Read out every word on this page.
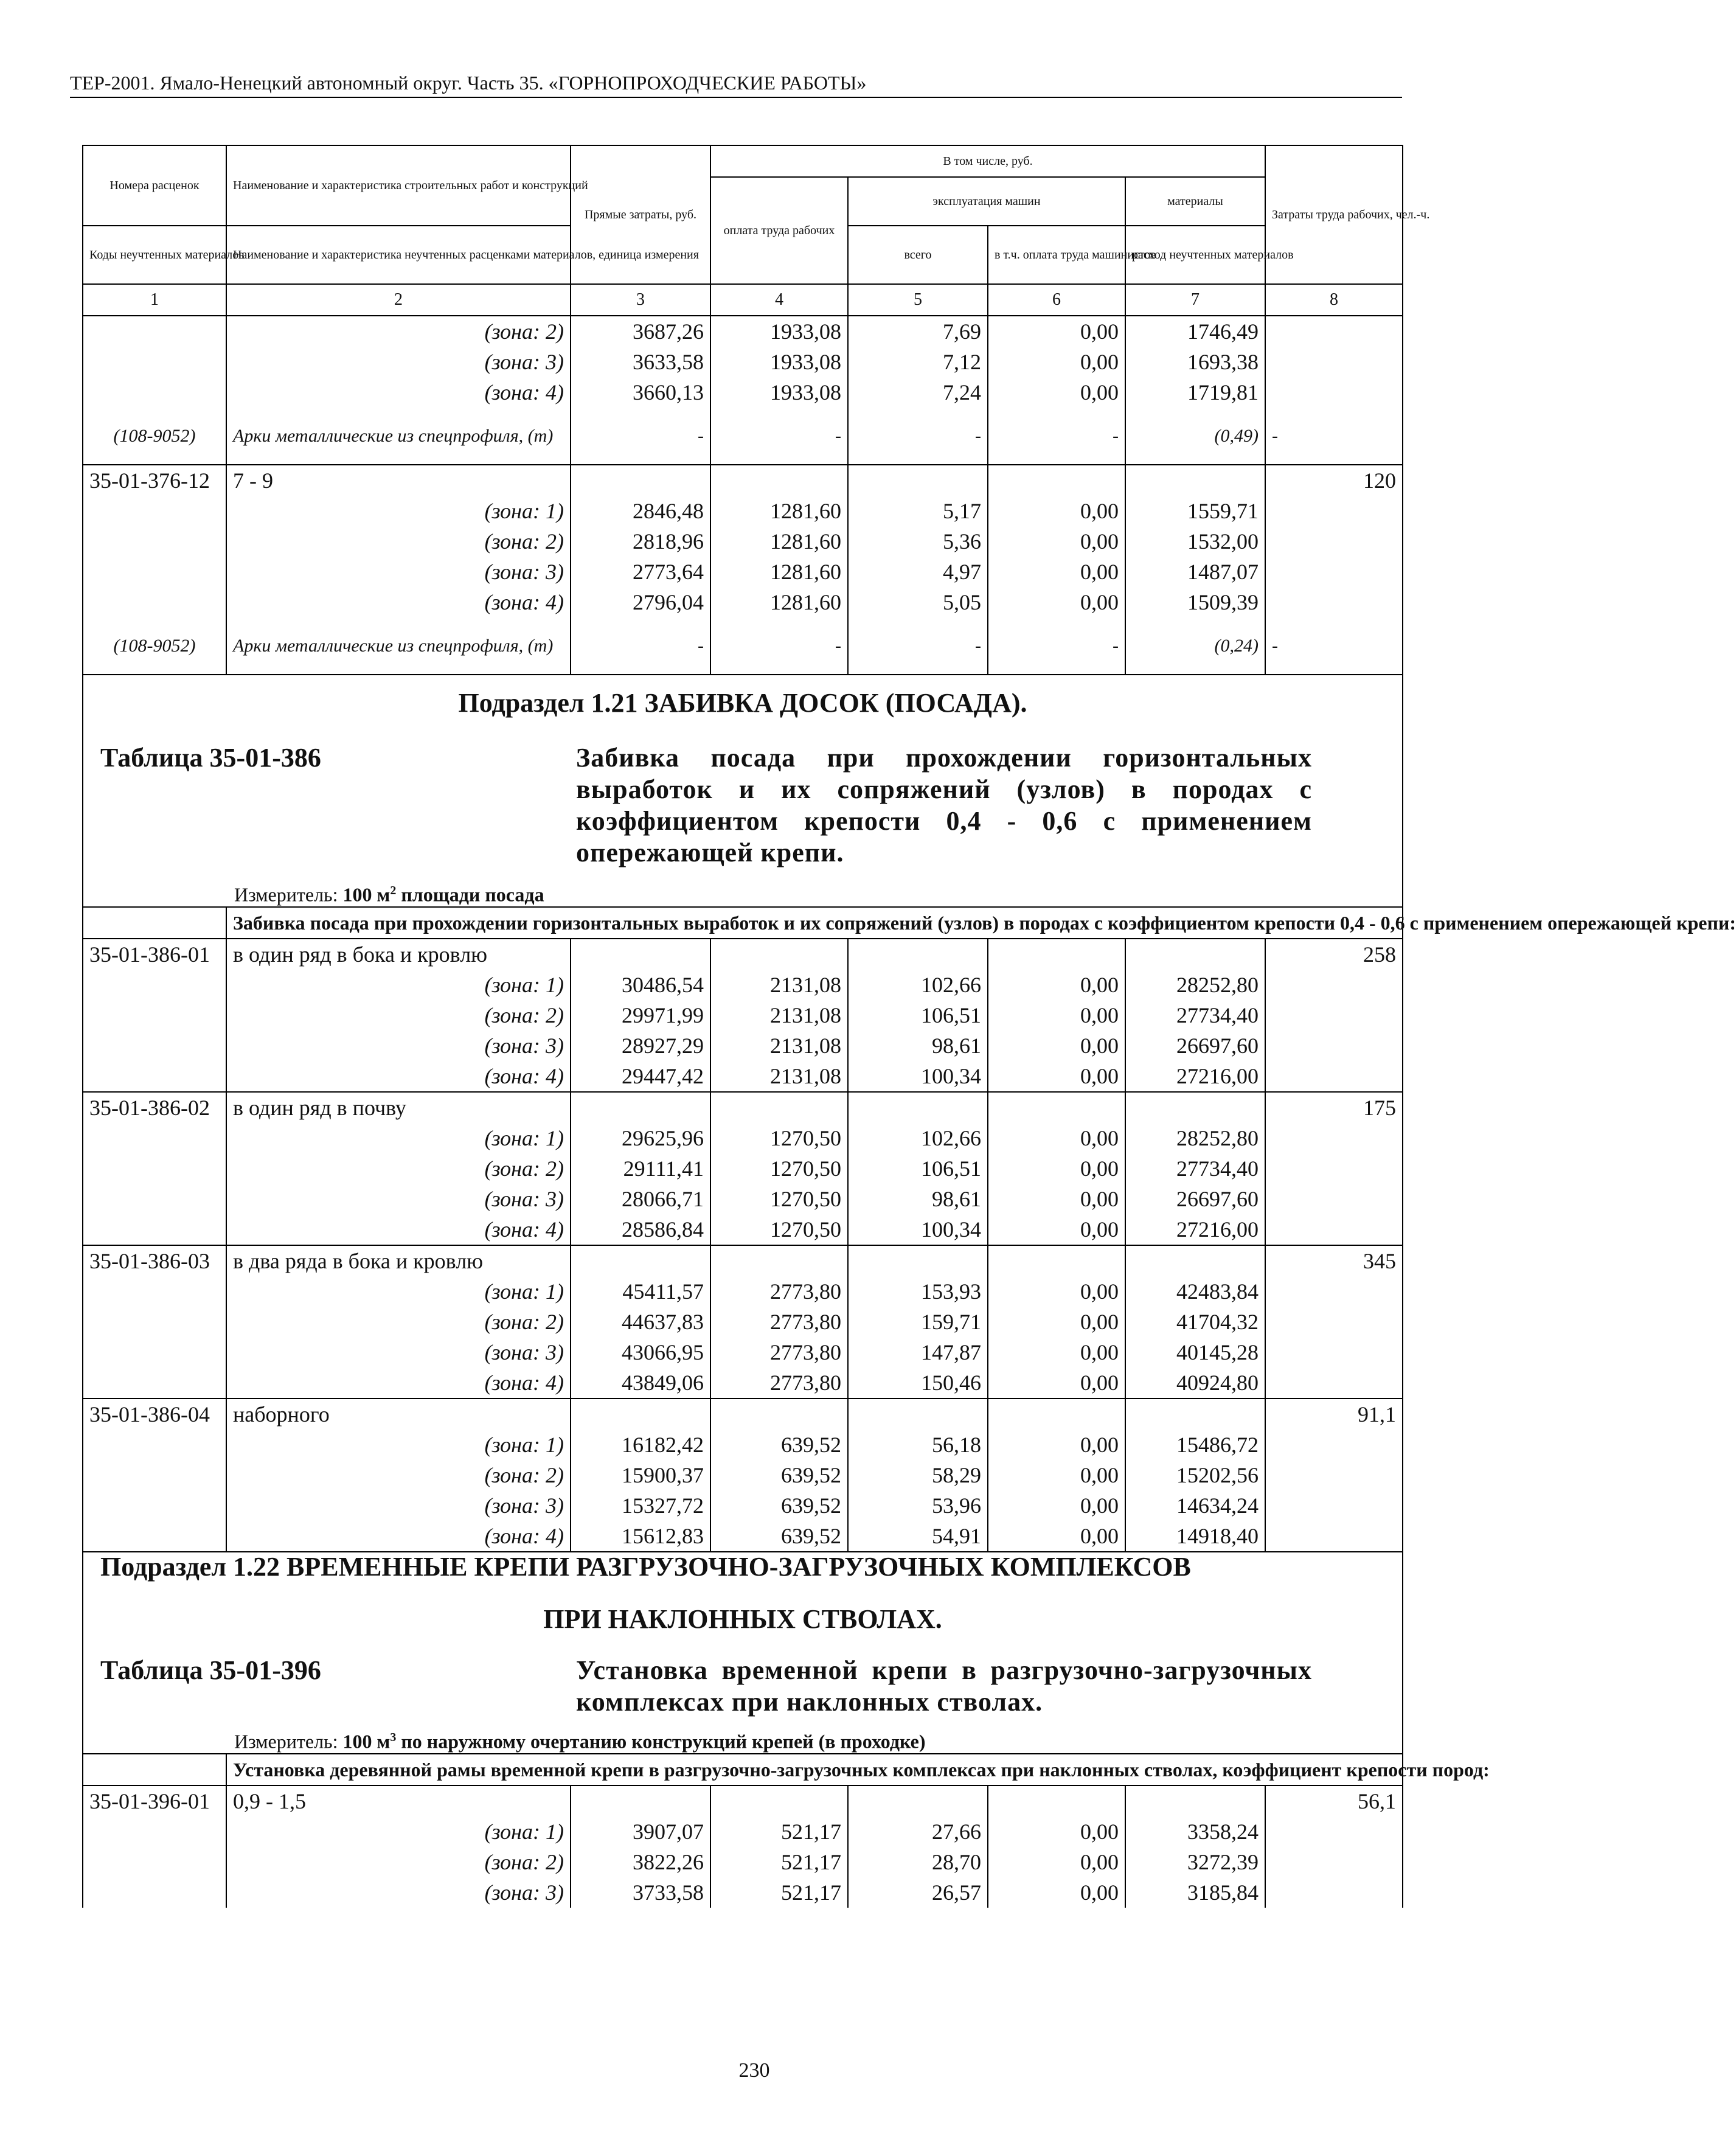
ТЕР-2001. Ямало-Ненецкий автономный округ. Часть 35. «ГОРНОПРОХОДЧЕСКИЕ РАБОТЫ»
Номера расценок	Наименование и характеристика строительных работ и конструкций	Прямые затраты, руб.	В том числе, руб.				Затраты труда рабочих, чел.-ч.
			оплата труда рабочих	эксплуатация машин		материалы	
Коды неучтенных материалов	Наименование и характеристика неучтенных расценками материалов, единица измерения			всего	в т.ч. оплата труда машинистов	расход неучтенных материалов	
1	2	3	4	5	6	7	8
	(зона: 2)	3687,26	1933,08	7,69	0,00	1746,49	
	(зона: 3)	3633,58	1933,08	7,12	0,00	1693,38	
	(зона: 4)	3660,13	1933,08	7,24	0,00	1719,81	
(108-9052)	Арки металлические из спецпрофиля, (т)	-	-	-	-	(0,49)	-
35-01-376-12	7 - 9						120
	(зона: 1)	2846,48	1281,60	5,17	0,00	1559,71	
	(зона: 2)	2818,96	1281,60	5,36	0,00	1532,00	
	(зона: 3)	2773,64	1281,60	4,97	0,00	1487,07	
	(зона: 4)	2796,04	1281,60	5,05	0,00	1509,39	
(108-9052)	Арки металлические из спецпрофиля, (т)	-	-	-	-	(0,24)	-

Подраздел 1.21 ЗАБИВКА ДОСОК (ПОСАДА).
Таблица 35-01-386 Забивка посада при прохождении горизонтальных выработок и их сопряжений (узлов) в породах с коэффициентом крепости 0,4 - 0,6 с применением опережающей крепи.
Измеритель: 100 $м^2$ площади посада							

	Забивка посада при прохождении горизонтальных выработок и их сопряжений (узлов) в породах с коэффициентом крепости 0,4 - 0,6 с применением опережающей крепи:						
35-01-386-01	в один ряд в бока и кровлю						258
	(зона: 1)	30486,54	2131,08	102,66	0,00	28252,80	
	(зона: 2)	29971,99	2131,08	106,51	0,00	27734,40	
	(зона: 3)	28927,29	2131,08	98,61	0,00	26697,60	
	(зона: 4)	29447,42	2131,08	100,34	0,00	27216,00	
35-01-386-02	в один ряд в почву						175
	(зона: 1)	29625,96	1270,50	102,66	0,00	28252,80	
	(зона: 2)	29111,41	1270,50	106,51	0,00	27734,40	
	(зона: 3)	28066,71	1270,50	98,61	0,00	26697,60	
	(зона: 4)	28586,84	1270,50	100,34	0,00	27216,00	
35-01-386-03	в два ряда в бока и кровлю						345
	(зона: 1)	45411,57	2773,80	153,93	0,00	42483,84	
	(зона: 2)	44637,83	2773,80	159,71	0,00	41704,32	
	(зона: 3)	43066,95	2773,80	147,87	0,00	40145,28	
	(зона: 4)	43849,06	2773,80	150,46	0,00	40924,80	
35-01-386-04	наборного						91,1
	(зона: 1)	16182,42	639,52	56,18	0,00	15486,72	
	(зона: 2)	15900,37	639,52	58,29	0,00	15202,56	
	(зона: 3)	15327,72	639,52	53,96	0,00	14634,24	
	(зона: 4)	15612,83	639,52	54,91	0,00	14918,40	

Подраздел 1.22 ВРЕМЕННЫЕ КРЕПИ РАЗГРУЗОЧНО-ЗАГРУЗОЧНЫХ КОМПЛЕКСОВ
ПРИ НАКЛОННЫХ СТВОЛАХ.
Таблица 35-01-396 Установка временной крепи в разгрузочно-загрузочных комплексах при наклонных стволах.
Измеритель: 100 $м^3$ по наружному очертанию конструкций крепей (в проходке)							

	Установка деревянной рамы временной крепи в разгрузочно-загрузочных комплексах при наклонных стволах, коэффициент крепости пород:						
35-01-396-01	0,9 - 1,5						56,1
	(зона: 1)	3907,07	521,17	27,66	0,00	3358,24	
	(зона: 2)	3822,26	521,17	28,70	0,00	3272,39	
	(зона: 3)	3733,58	521,17	26,57	0,00	3185,84	
230
